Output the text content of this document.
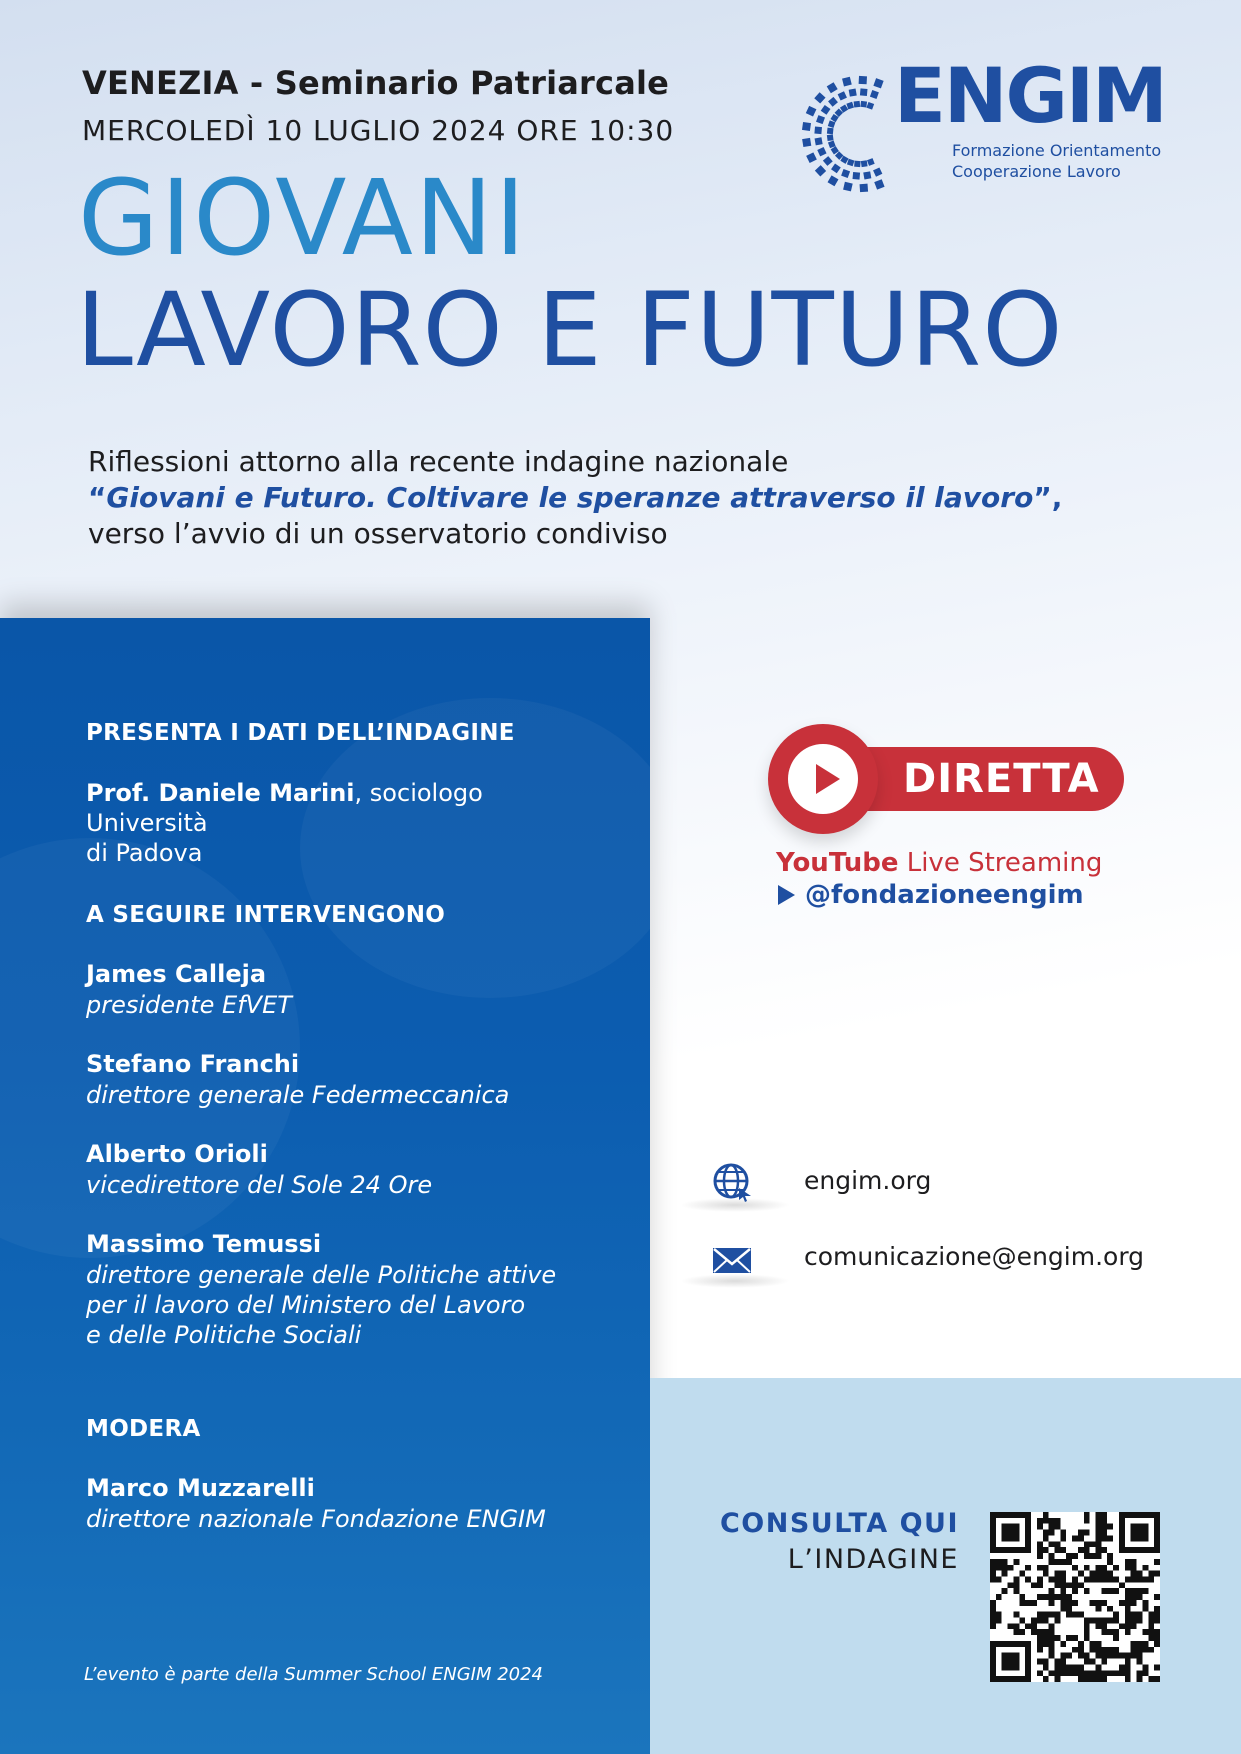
VENEZIA - Seminario Patriarcale
MERCOLEDÌ 10 LUGLIO 2024 ORE 10:30
GIOVANI
LAVORO E FUTURO
ENGIM
Formazione Orientamento
Cooperazione Lavoro
Riflessioni attorno alla recente indagine nazionale
“Giovani e Futuro. Coltivare le speranze attraverso il lavoro”,
verso l’avvio di un osservatorio condiviso
PRESENTA I DATI DELL’INDAGINE
Prof. Daniele Marini, sociologo Università
di Padova
A SEGUIRE INTERVENGONO
James Calleja
presidente EfVET
Stefano Franchi
direttore generale Federmeccanica
Alberto Orioli
vicedirettore del Sole 24 Ore
Massimo Temussi
direttore generale delle Politiche attive
per il lavoro del Ministero del Lavoro
e delle Politiche Sociali
MODERA
Marco Muzzarelli
direttore nazionale Fondazione ENGIM
L’evento è parte della Summer School ENGIM 2024
DIRETTA
YouTube Live Streaming
@fondazioneengim
engim.org
comunicazione@engim.org
CONSULTA QUI
L’INDAGINE
